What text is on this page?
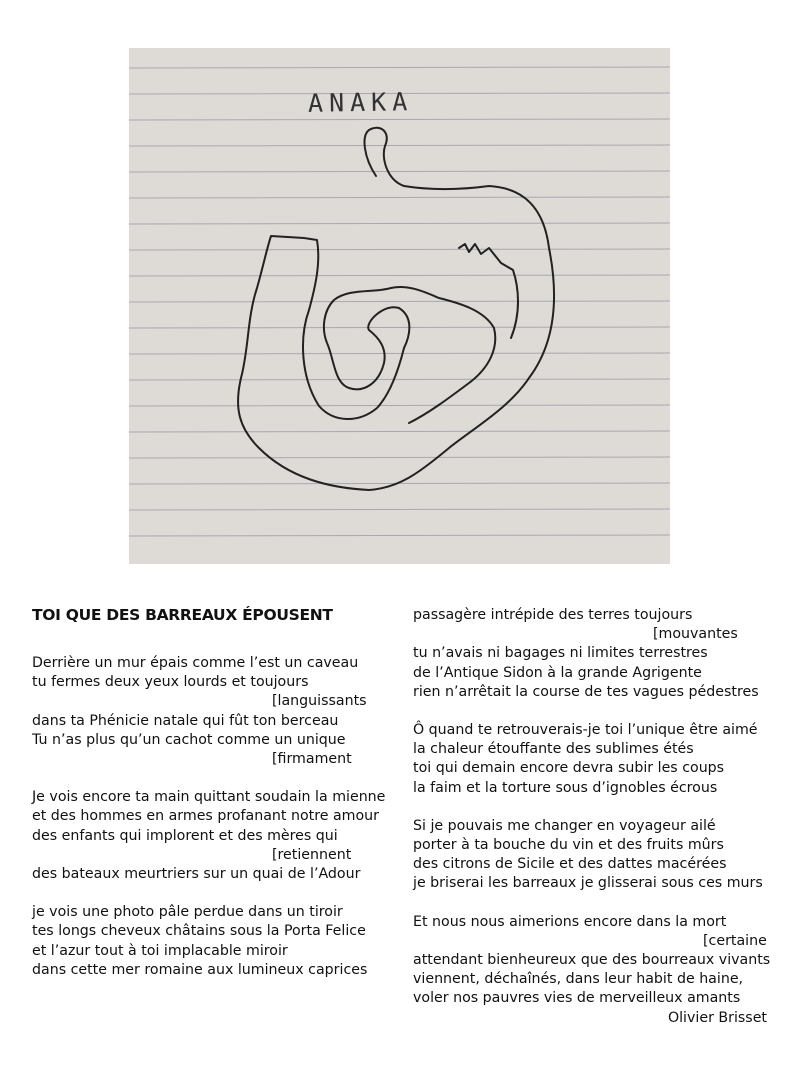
ANAKA
TOI QUE DES BARREAUX ÉPOUSENT
Derrière un mur épais comme l’est un caveau
tu fermes deux yeux lourds et toujours
[languissants
dans ta Phénicie natale qui fût ton berceau
Tu n’as plus qu’un cachot comme un unique
[firmament
Je vois encore ta main quittant soudain la mienne
et des hommes en armes profanant notre amour
des enfants qui implorent et des mères qui
[retiennent
des bateaux meurtriers sur un quai de l’Adour
je vois une photo pâle perdue dans un tiroir
tes longs cheveux châtains sous la Porta Felice
et l’azur tout à toi implacable miroir
dans cette mer romaine aux lumineux caprices
passagère intrépide des terres toujours
[mouvantes
tu n’avais ni bagages ni limites terrestres
de l’Antique Sidon à la grande Agrigente
rien n’arrêtait la course de tes vagues pédestres
Ô quand te retrouverais-je toi l’unique être aimé
la chaleur étouffante des sublimes étés
toi qui demain encore devra subir les coups
la faim et la torture sous d’ignobles écrous
Si je pouvais me changer en voyageur ailé
porter à ta bouche du vin et des fruits mûrs
des citrons de Sicile et des dattes macérées
je briserai les barreaux je glisserai sous ces murs
Et nous nous aimerions encore dans la mort
[certaine
attendant bienheureux que des bourreaux vivants
viennent, déchaînés, dans leur habit de haine,
voler nos pauvres vies de merveilleux amants
Olivier Brisset
